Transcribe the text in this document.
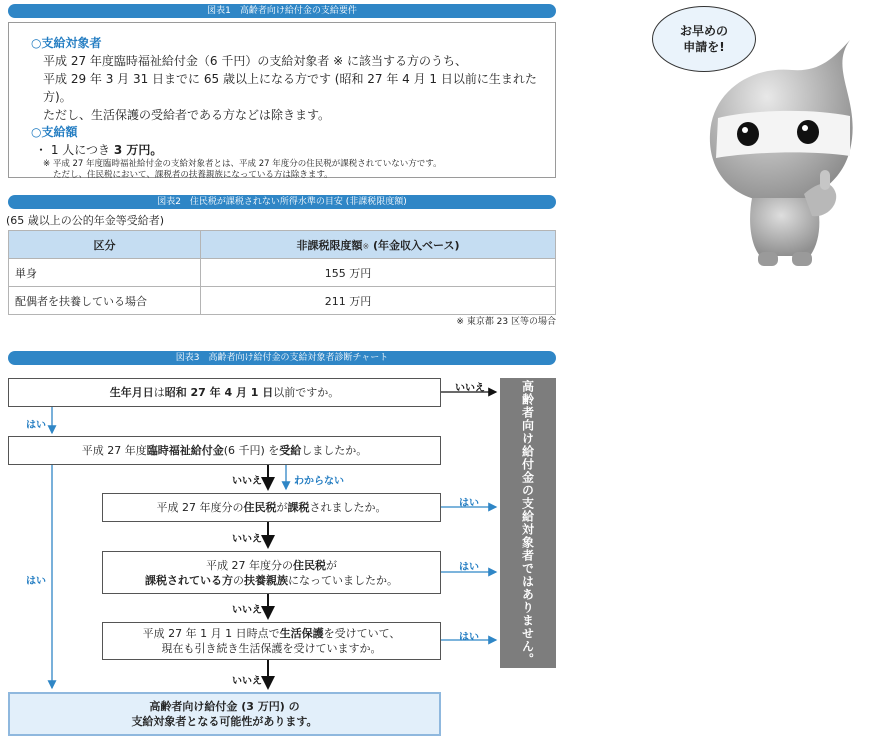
図表1　高齢者向け給付金の支給要件
○支給対象者
平成 27 年度臨時福祉給付金（6 千円）の支給対象者 ※ に該当する方のうち、
平成 29 年 3 月 31 日までに 65 歳以上になる方です (昭和 27 年 4 月 1 日以前に生まれた方)。
ただし、生活保護の受給者である方などは除きます。
○支給額
・ 1 人につき 3 万円。
※ 平成 27 年度臨時福祉給付金の支給対象者とは、平成 27 年度分の住民税が課税されていない方です。
ただし、住民税において、課税者の扶養親族になっている方は除きます。
図表2　住民税が課税されない所得水準の目安 (非課税限度額)
(65 歳以上の公的年金等受給者)
区分	非課税限度額※ (年金収入ベース)
単身	155 万円
配偶者を扶養している場合	211 万円
※ 東京都 23 区等の場合
図表3　高齢者向け給付金の支給対象者診断チャート
生年月日は昭和 27 年 4 月 1 日以前ですか。
平成 27 年度臨時福祉給付金(6 千円) を受給しましたか。
平成 27 年度分の住民税が課税されましたか。
平成 27 年度分の住民税が
課税されている方の扶養親族になっていましたか。
平成 27 年 1 月 1 日時点で生活保護を受けていて、
現在も引き続き生活保護を受けていますか。
高齢者向け給付金 (3 万円) の
支給対象者となる可能性があります。
高齢者向け給付金の支給対象者ではありません。
いいえ
はい
いいえ	わからない
はい
いいえ
はい
はい
いいえ
はい
いいえ
お早めの
申請を!
